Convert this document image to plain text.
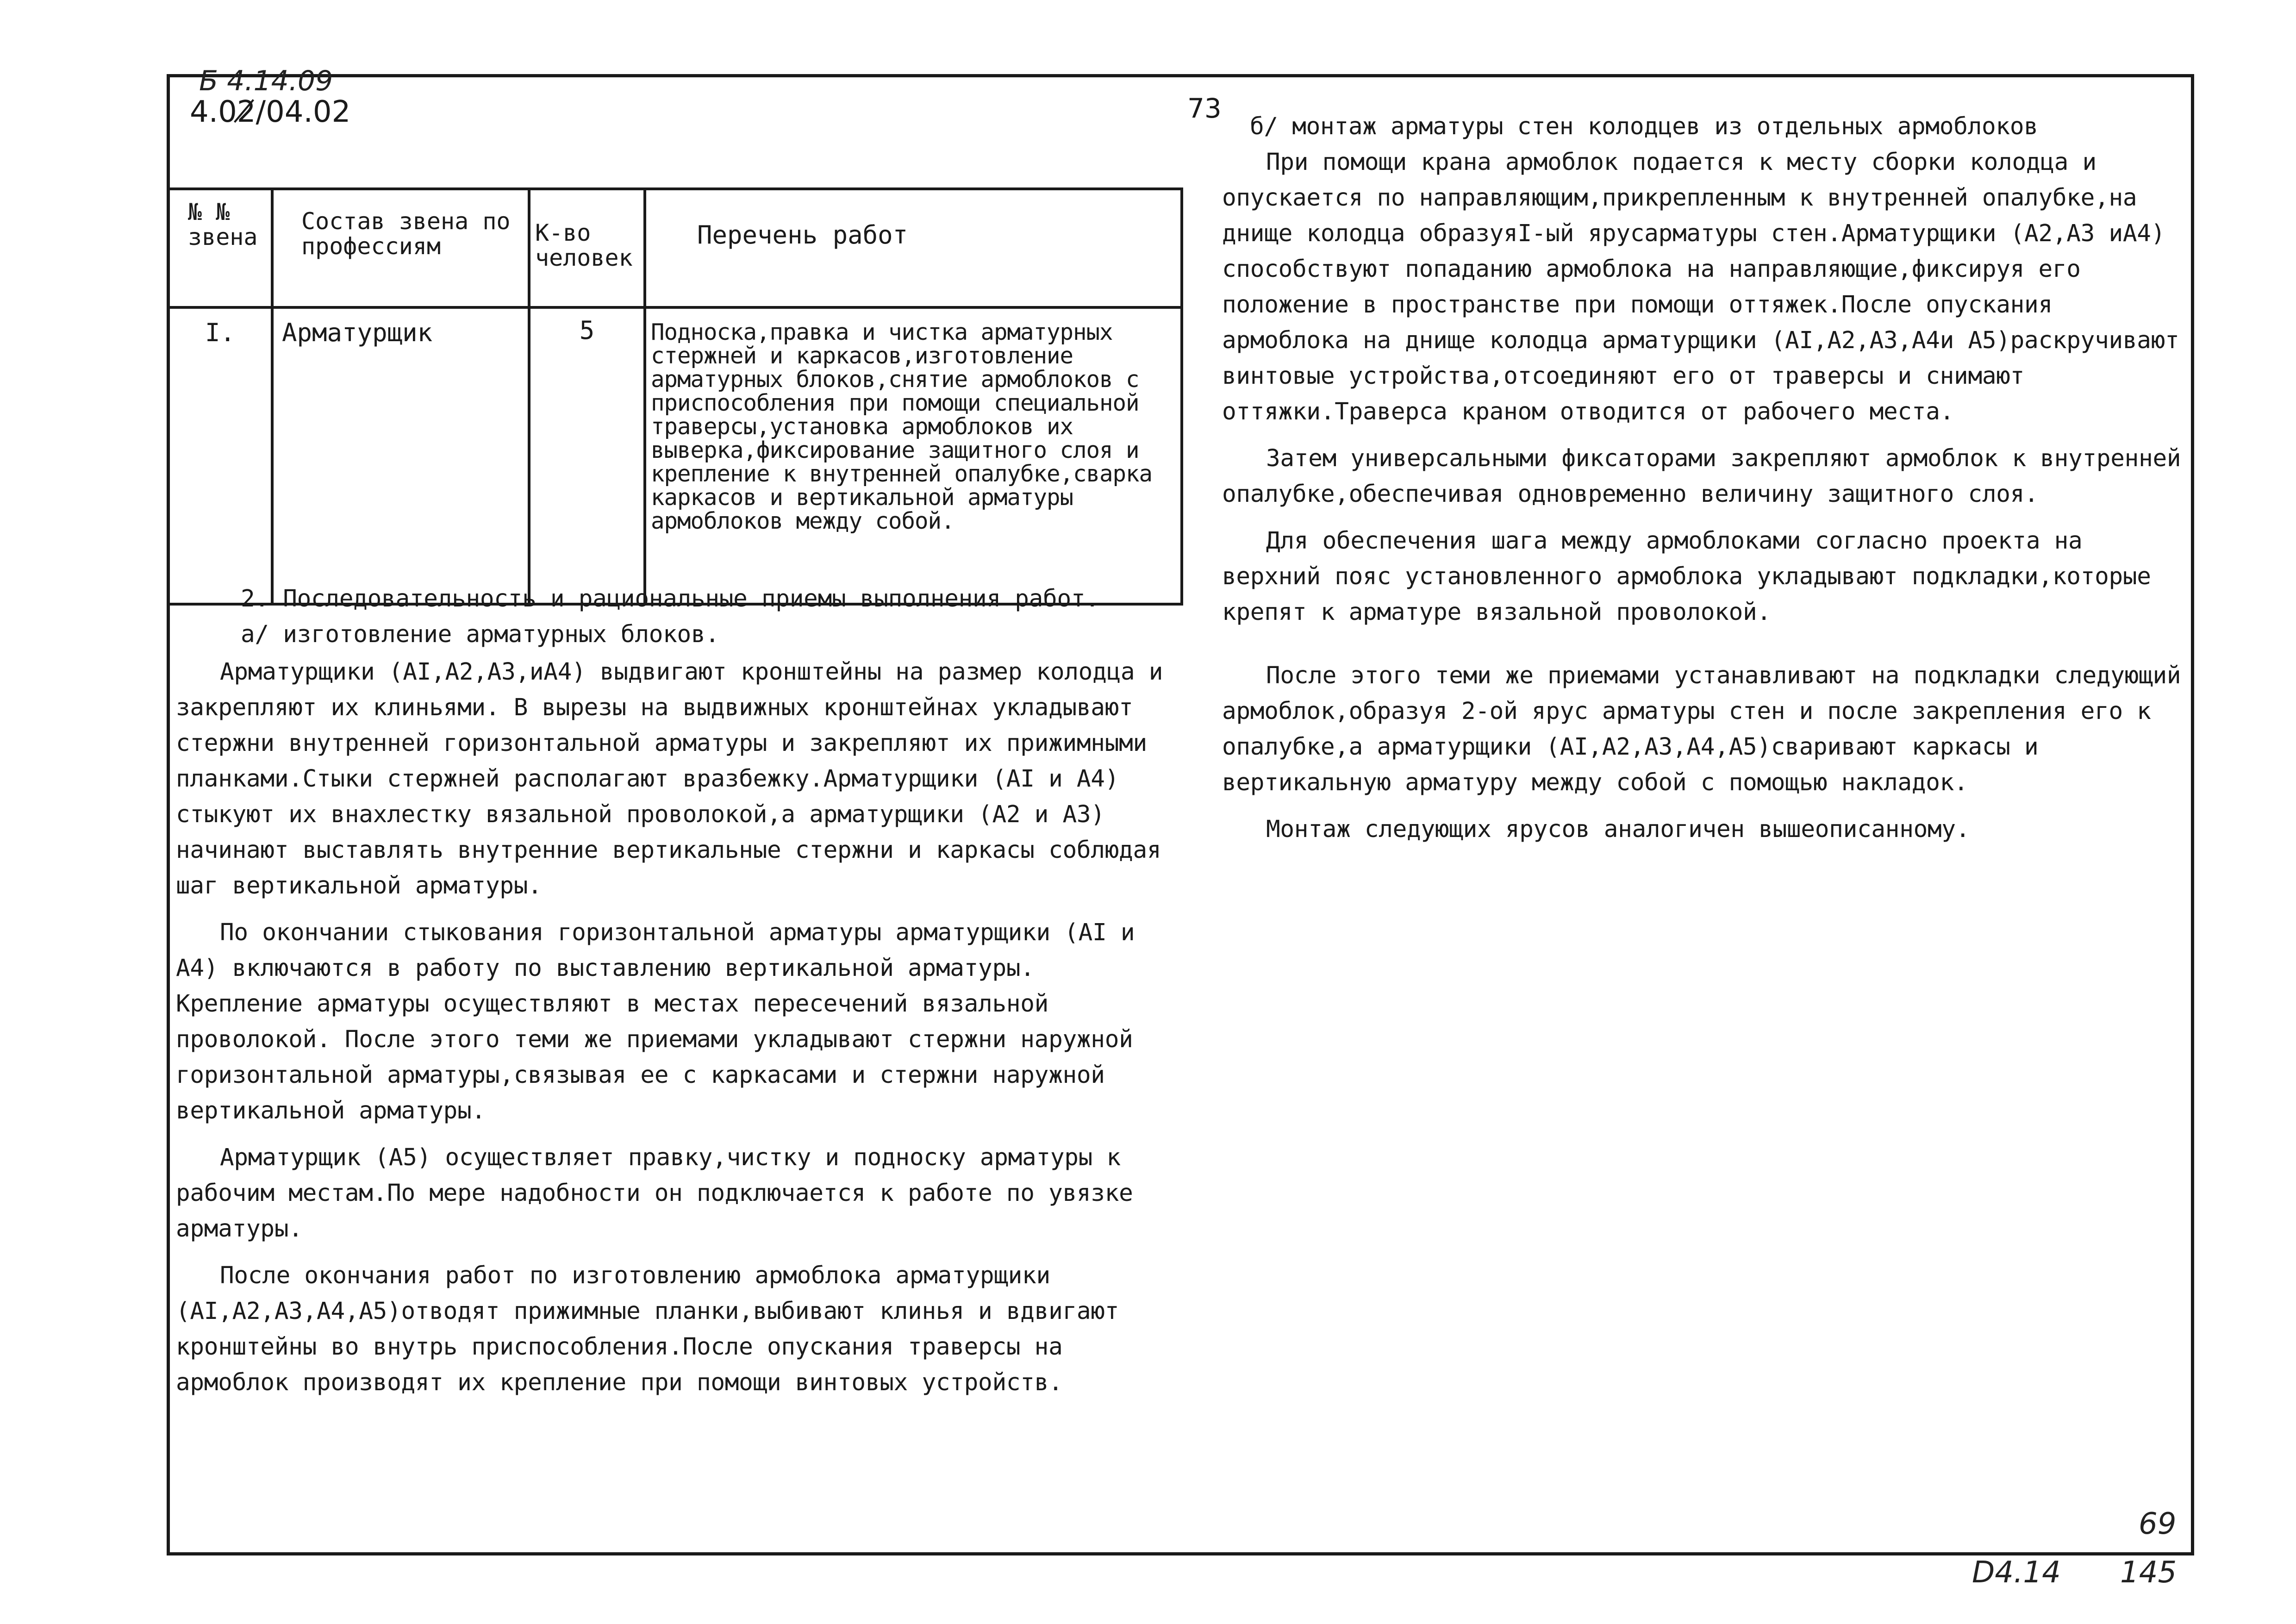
Б 4.14.09
4.02̸/04.02	73
№ № звена	Состав звена по профессиям	К-во человек	Перечень работ

I.	Арматурщик	5	Подноска,правка и чистка арматурных стержней и каркасов,изготовление арматурных блоков,снятие армоблоков с приспособления при помощи специальной траверсы,установка армоблоков их выверка,фиксирование защитного слоя и крепление к внутренней опалубке,сварка каркасов и вертикальной арматуры армоблоков между собой.

2. Последовательность и рациональные приемы выполнения работ.

а/ изготовление арматурных блоков.

Арматурщики (АI,А2,А3,иА4) выдвигают кронштейны на размер колодца и закрепляют их клиньями. В вырезы на выдвижных кронштейнах укладывают стержни внутренней горизонтальной арматуры и закрепляют их прижимными планками.Стыки стержней располагают вразбежку.Арматурщики (АI и А4) стыкуют их внахлестку вязальной проволокой,а арматурщики (А2 и А3) начинают выставлять внутренние вертикальные стержни и каркасы соблюдая шаг вертикальной арматуры.

По окончании стыкования горизонтальной арматуры арматурщики (АI и А4) включаются в работу по выставлению вертикальной арматуры. Крепление арматуры осуществляют в местах пересечений вязальной проволокой. После этого теми же приемами укладывают стержни наружной горизонтальной арматуры,связывая ее с каркасами и стержни наружной вертикальной арматуры.

Арматурщик (А5) осуществляет правку,чистку и подноску арматуры к рабочим местам.По мере надобности он подключается к работе по увязке арматуры.

После окончания работ по изготовлению армоблока арматурщики (АI,А2,А3,А4,А5)отводят прижимные планки,выбивают клинья и вдвигают кронштейны во внутрь приспособления.После опускания траверсы на армоблок производят их крепление при помощи винтовых устройств.

б/ монтаж арматуры стен колодцев из отдельных армоблоков

При помощи крана армоблок подается к месту сборки колодца и опускается по направляющим,прикрепленным к внутренней опалубке,на днище колодца образуяI-ый ярусарматуры стен.Арматурщики (А2,А3 иА4) способствуют попаданию армоблока на направляющие,фиксируя его положение в пространстве при помощи оттяжек.После опускания армоблока на днище колодца арматурщики (АI,А2,А3,А4и А5)раскручивают винтовые устройства,отсоединяют его от траверсы и снимают оттяжки.Траверса краном отводится от рабочего места.

Затем универсальными фиксаторами закрепляют армоблок к внутренней опалубке,обеспечивая одновременно величину защитного слоя.

Для обеспечения шага между армоблоками согласно проекта на верхний пояс установленного армоблока укладывают подкладки,которые крепят к арматуре вязальной проволокой.

После этого теми же приемами устанавливают на подкладки следующий армоблок,образуя 2-ой ярус арматуры стен и после закрепления его к опалубке,а арматурщики (АI,А2,А3,А4,А5)сваривают каркасы и вертикальную арматуру между собой с помощью накладок.

Монтаж следующих ярусов аналогичен вышеописанному.

69
D4.14 145
